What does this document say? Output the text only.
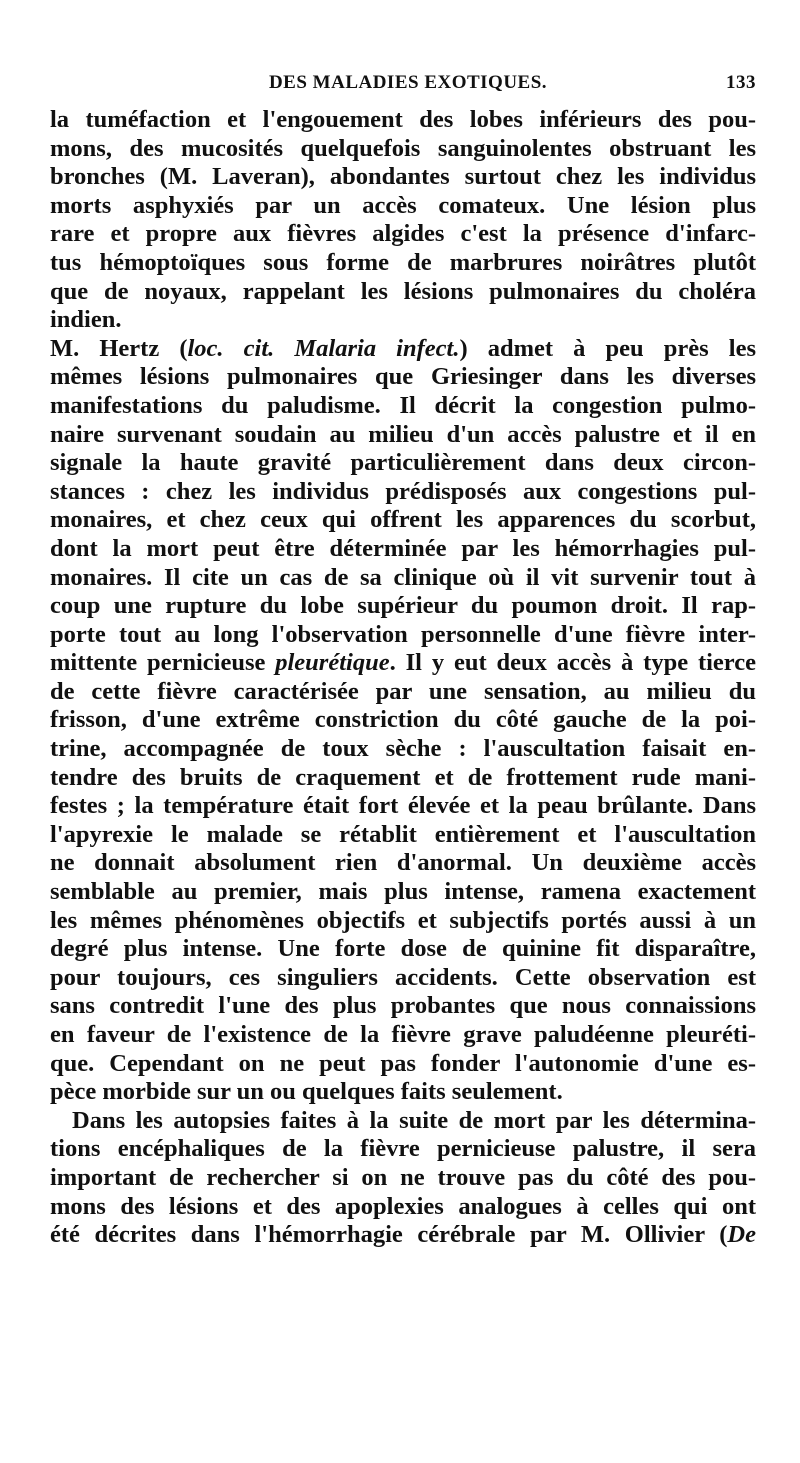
DES MALADIES EXOTIQUES.	133
la tuméfaction et l'engouement des lobes inférieurs des pou-
mons, des mucosités quelquefois sanguinolentes obstruant les
bronches (M. Laveran), abondantes surtout chez les individus
morts asphyxiés par un accès comateux. Une lésion plus
rare et propre aux fièvres algides c'est la présence d'infarc-
tus hémoptoïques sous forme de marbrures noirâtres plutôt
que de noyaux, rappelant les lésions pulmonaires du choléra
indien.
M. Hertz (loc. cit. Malaria infect.) admet à peu près les
mêmes lésions pulmonaires que Griesinger dans les diverses
manifestations du paludisme. Il décrit la congestion pulmo-
naire survenant soudain au milieu d'un accès palustre et il en
signale la haute gravité particulièrement dans deux circon-
stances : chez les individus prédisposés aux congestions pul-
monaires, et chez ceux qui offrent les apparences du scorbut,
dont la mort peut être déterminée par les hémorrhagies pul-
monaires. Il cite un cas de sa clinique où il vit survenir tout à
coup une rupture du lobe supérieur du poumon droit. Il rap-
porte tout au long l'observation personnelle d'une fièvre inter-
mittente pernicieuse pleurétique. Il y eut deux accès à type tierce
de cette fièvre caractérisée par une sensation, au milieu du
frisson, d'une extrême constriction du côté gauche de la poi-
trine, accompagnée de toux sèche : l'auscultation faisait en-
tendre des bruits de craquement et de frottement rude mani-
festes ; la température était fort élevée et la peau brûlante. Dans
l'apyrexie le malade se rétablit entièrement et l'auscultation
ne donnait absolument rien d'anormal. Un deuxième accès
semblable au premier, mais plus intense, ramena exactement
les mêmes phénomènes objectifs et subjectifs portés aussi à un
degré plus intense. Une forte dose de quinine fit disparaître,
pour toujours, ces singuliers accidents. Cette observation est
sans contredit l'une des plus probantes que nous connaissions
en faveur de l'existence de la fièvre grave paludéenne pleuréti-
que. Cependant on ne peut pas fonder l'autonomie d'une es-
pèce morbide sur un ou quelques faits seulement.
Dans les autopsies faites à la suite de mort par les détermina-
tions encéphaliques de la fièvre pernicieuse palustre, il sera
important de rechercher si on ne trouve pas du côté des pou-
mons des lésions et des apoplexies analogues à celles qui ont
été décrites dans l'hémorrhagie cérébrale par M. Ollivier (De
